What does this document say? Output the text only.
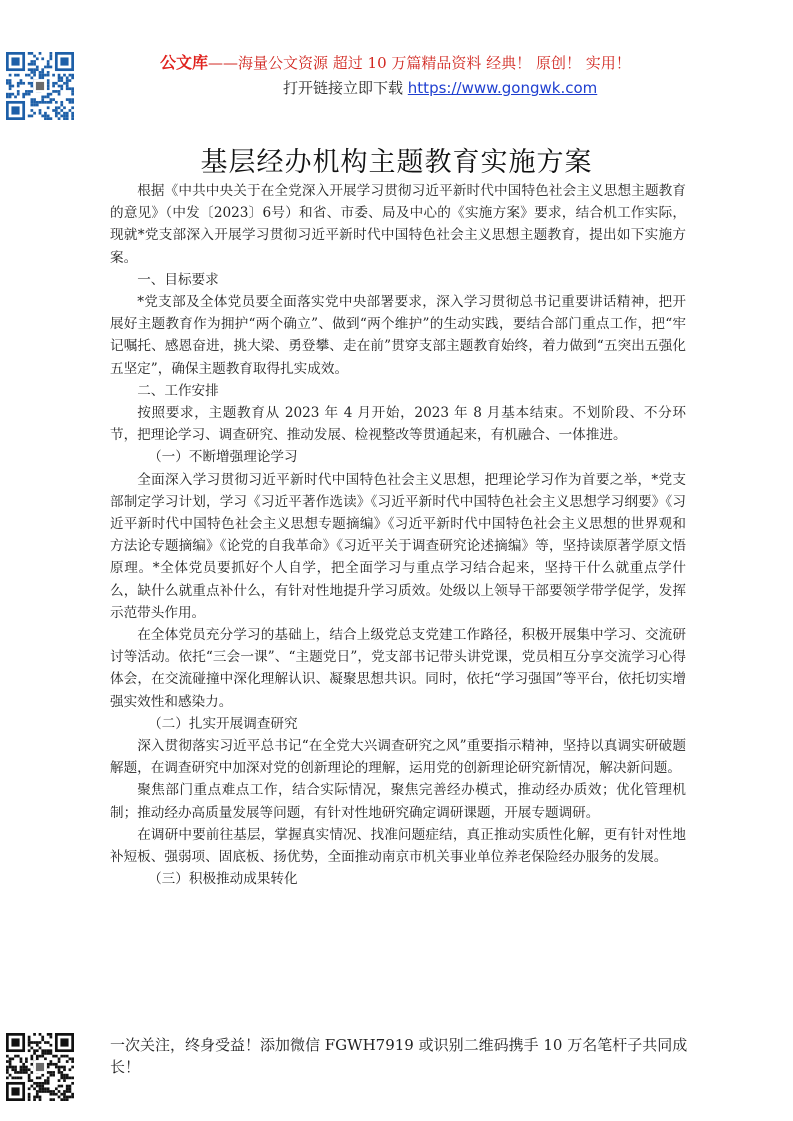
公文库——海量公文资源 超过 10 万篇精品资料 经典！ 原创！ 实用！
打开链接立即下载 https://www.gongwk.com
基层经办机构主题教育实施方案

根据《中共中央关于在全党深入开展学习贯彻习近平新时代中国特色社会主义思想主题教育的意见》（中发〔2023〕6号）和省、市委、局及中心的《实施方案》要求，结合机工作实际，现就*党支部深入开展学习贯彻习近平新时代中国特色社会主义思想主题教育，提出如下实施方案。

一、目标要求

*党支部及全体党员要全面落实党中央部署要求，深入学习贯彻总书记重要讲话精神，把开展好主题教育作为拥护“两个确立”、做到“两个维护”的生动实践，要结合部门重点工作，把“牢记嘱托、感恩奋进，挑大梁、勇登攀、走在前”贯穿支部主题教育始终，着力做到“五突出五强化五坚定”，确保主题教育取得扎实成效。

二、工作安排

按照要求，主题教育从 2023 年 4 月开始，2023 年 8 月基本结束。不划阶段、不分环节，把理论学习、调查研究、推动发展、检视整改等贯通起来，有机融合、一体推进。

（一）不断增强理论学习

全面深入学习贯彻习近平新时代中国特色社会主义思想，把理论学习作为首要之举，*党支部制定学习计划，学习《习近平著作选读》《习近平新时代中国特色社会主义思想学习纲要》《习近平新时代中国特色社会主义思想专题摘编》《习近平新时代中国特色社会主义思想的世界观和方法论专题摘编》《论党的自我革命》《习近平关于调查研究论述摘编》等，坚持读原著学原文悟原理。*全体党员要抓好个人自学，把全面学习与重点学习结合起来，坚持干什么就重点学什么，缺什么就重点补什么，有针对性地提升学习质效。处级以上领导干部要领学带学促学，发挥示范带头作用。

在全体党员充分学习的基础上，结合上级党总支党建工作路径，积极开展集中学习、交流研讨等活动。依托“三会一课”、“主题党日”，党支部书记带头讲党课，党员相互分享交流学习心得体会，在交流碰撞中深化理解认识、凝聚思想共识。同时，依托“学习强国”等平台，依托切实增强实效性和感染力。

（二）扎实开展调查研究

深入贯彻落实习近平总书记“在全党大兴调查研究之风”重要指示精神，坚持以真调实研破题解题，在调查研究中加深对党的创新理论的理解，运用党的创新理论研究新情况，解决新问题。

聚焦部门重点难点工作，结合实际情况，聚焦完善经办模式，推动经办质效；优化管理机制；推动经办高质量发展等问题，有针对性地研究确定调研课题，开展专题调研。

在调研中要前往基层，掌握真实情况、找准问题症结，真正推动实质性化解，更有针对性地补短板、强弱项、固底板、扬优势，全面推动南京市机关事业单位养老保险经办服务的发展。

（三）积极推动成果转化

一次关注，终身受益！添加微信 FGWH7919 或识别二维码携手 10 万名笔杆子共同成长！
